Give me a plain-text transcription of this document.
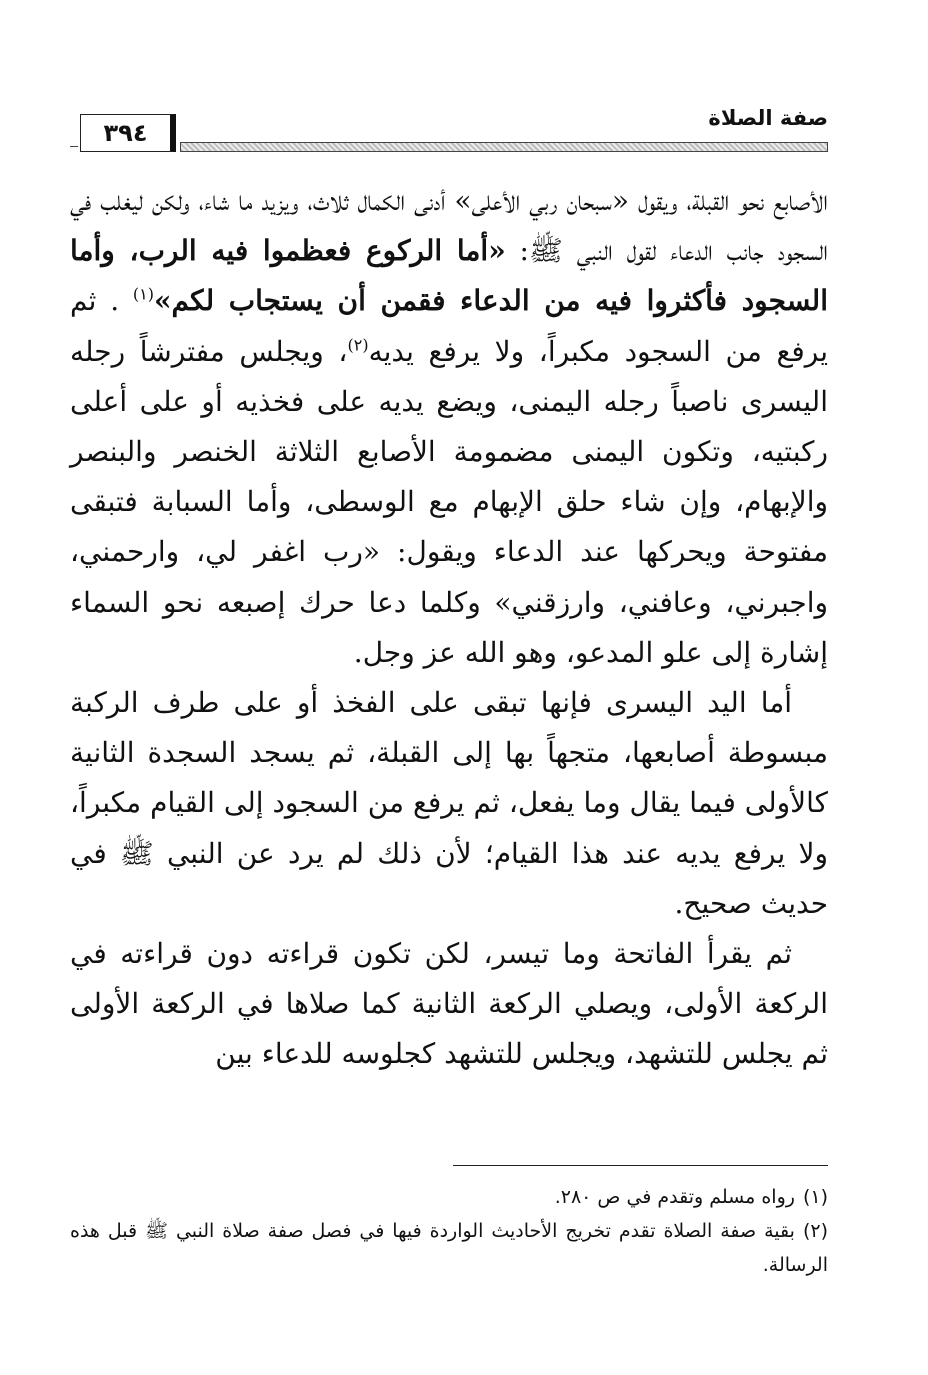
صفة الصلاة
٣٩٤

الأصابع نحو القبلة، ويقول «سبحان ربي الأعلى» أدنى الكمال ثلاث، ويزيد ما شاء، ولكن ليغلب في السجود جانب الدعاء لقول النبي ﷺ: «أما الركوع فعظموا فيه الرب، وأما السجود فأكثروا فيه من الدعاء فقمن أن يستجاب لكم»$^{(١)}$ . ثم يرفع من السجود مكبراً، ولا يرفع يديه$^{(٢)}$، ويجلس مفترشاً رجله اليسرى ناصباً رجله اليمنى، ويضع يديه على فخذيه أو على أعلى ركبتيه، وتكون اليمنى مضمومة الأصابع الثلاثة الخنصر والبنصر والإبهام، وإن شاء حلق الإبهام مع الوسطى، وأما السبابة فتبقى مفتوحة ويحركها عند الدعاء ويقول: «رب اغفر لي، وارحمني، واجبرني، وعافني، وارزقني» وكلما دعا حرك إصبعه نحو السماء إشارة إلى علو المدعو، وهو الله عز وجل.

أما اليد اليسرى فإنها تبقى على الفخذ أو على طرف الركبة مبسوطة أصابعها، متجهاً بها إلى القبلة، ثم يسجد السجدة الثانية كالأولى فيما يقال وما يفعل، ثم يرفع من السجود إلى القيام مكبراً، ولا يرفع يديه عند هذا القيام؛ لأن ذلك لم يرد عن النبي ﷺ في حديث صحيح.

ثم يقرأ الفاتحة وما تيسر، لكن تكون قراءته دون قراءته في الركعة الأولى، ويصلي الركعة الثانية كما صلاها في الركعة الأولى ثم يجلس للتشهد، ويجلس للتشهد كجلوسه للدعاء بين

(١)رواه مسلم وتقدم في ص ٢٨٠.

(٢)بقية صفة الصلاة تقدم تخريج الأحاديث الواردة فيها في فصل صفة صلاة النبي ﷺ قبل هذه الرسالة.
